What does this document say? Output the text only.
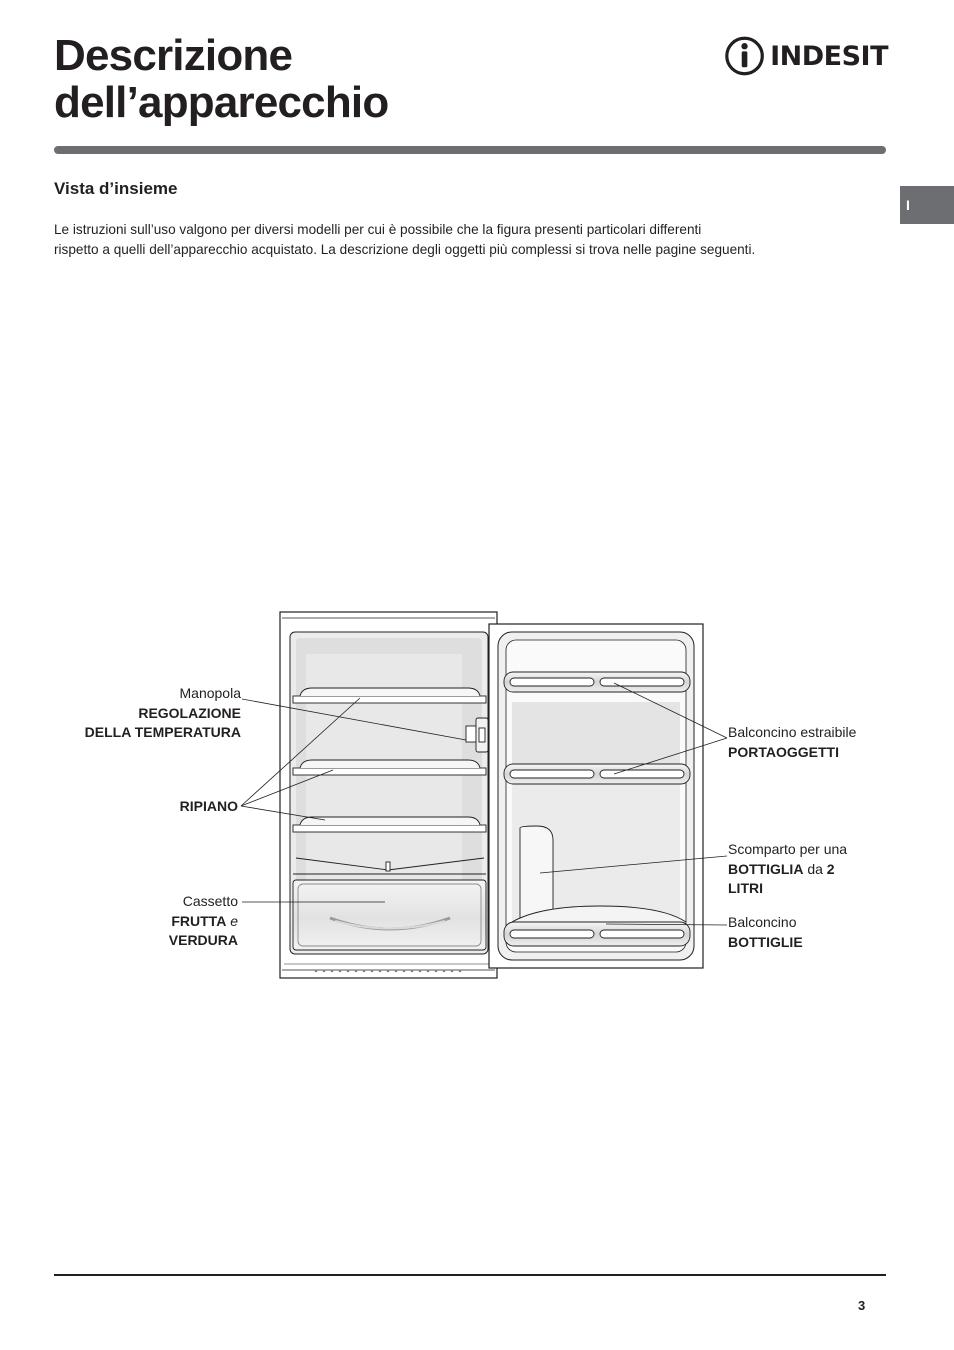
Descrizione
dell’apparecchio
INDESIT
I
Vista d’insieme

Le istruzioni sull’uso valgono per diversi modelli per cui è possibile che la figura presenti particolari differenti
rispetto a quelli dell’apparecchio acquistato. La descrizione degli oggetti più complessi si trova nelle pagine seguenti.

Manopola
REGOLAZIONE
DELLA TEMPERATURA
RIPIANO
Cassetto
FRUTTA e
VERDURA
Balconcino estraibile
PORTAOGGETTI
Scomparto per una
BOTTIGLIA da 2
LITRI
Balconcino
BOTTIGLIE
3
